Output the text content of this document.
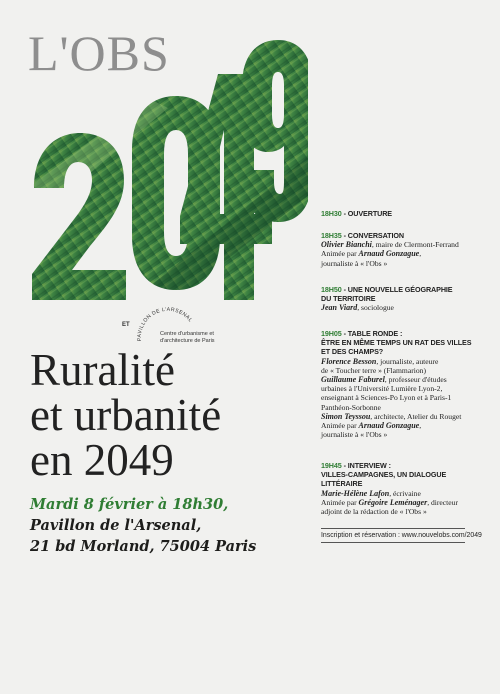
L'OBS
ET
PAVILLON DE L'ARSENAL
Centre d'urbanisme et d'architecture de Paris
Ruralité
et urbanité
en 2049
Mardi 8 février à 18h30,
Pavillon de l'Arsenal,
21 bd Morland, 75004 Paris
18H30 - OUVERTURE
18H35 - CONVERSATION
Olivier Bianchi, maire de Clermont-Ferrand
Animée par Arnaud Gonzague,
journaliste à « l'Obs »
18H50 - UNE NOUVELLE GÉOGRAPHIE
DU TERRITOIRE
Jean Viard, sociologue
19H05 - TABLE RONDE :
ÊTRE EN MÊME TEMPS UN RAT DES VILLES
ET DES CHAMPS?
Florence Besson, journaliste, auteure
de « Toucher terre » (Flammarion)
Guillaume Faburel, professeur d'études
urbaines à l'Université Lumière Lyon-2,
enseignant à Sciences-Po Lyon et à Paris-1
Panthéon-Sorbonne
Simon Teyssou, architecte, Atelier du Rouget
Animée par Arnaud Gonzague,
journaliste à « l'Obs »
19H45 - INTERVIEW :
VILLES-CAMPAGNES, UN DIALOGUE LITTÉRAIRE
Marie-Hélène Lafon, écrivaine
Animée par Grégoire Leménager, directeur
adjoint de la rédaction de « l'Obs »
Inscription et réservation : www.nouvelobs.com/2049
